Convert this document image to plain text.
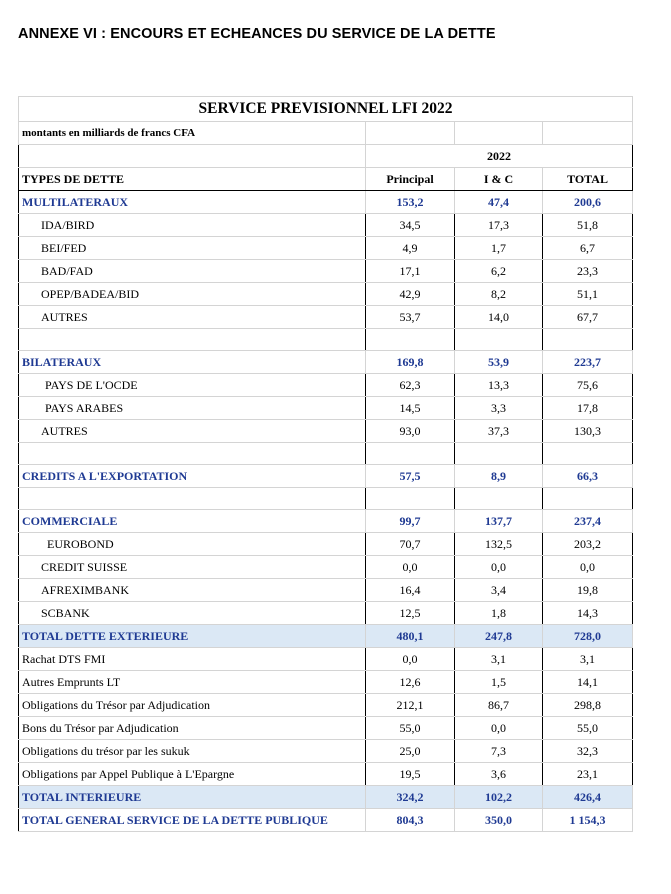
ANNEXE VI : ENCOURS ET ECHEANCES DU SERVICE DE LA DETTE
SERVICE PREVISIONNEL LFI 2022			
montants en milliards de francs CFA			
	2022		
TYPES DE DETTE	Principal	I & C	TOTAL
MULTILATERAUX	153,2	47,4	200,6
IDA/BIRD	34,5	17,3	51,8
BEI/FED	4,9	1,7	6,7
BAD/FAD	17,1	6,2	23,3
OPEP/BADEA/BID	42,9	8,2	51,1
AUTRES	53,7	14,0	67,7

BILATERAUX	169,8	53,9	223,7
PAYS DE L'OCDE	62,3	13,3	75,6
PAYS ARABES	14,5	3,3	17,8
AUTRES	93,0	37,3	130,3

CREDITS A L'EXPORTATION	57,5	8,9	66,3

COMMERCIALE	99,7	137,7	237,4
EUROBOND	70,7	132,5	203,2
CREDIT SUISSE	0,0	0,0	0,0
AFREXIMBANK	16,4	3,4	19,8
SCBANK	12,5	1,8	14,3
TOTAL DETTE EXTERIEURE	480,1	247,8	728,0
Rachat DTS FMI	0,0	3,1	3,1
Autres Emprunts LT	12,6	1,5	14,1
Obligations du Trésor par Adjudication	212,1	86,7	298,8
Bons du Trésor par Adjudication	55,0	0,0	55,0
Obligations du trésor par les sukuk	25,0	7,3	32,3
Obligations par Appel Publique à L'Epargne	19,5	3,6	23,1
TOTAL INTERIEURE	324,2	102,2	426,4
TOTAL GENERAL SERVICE DE LA DETTE PUBLIQUE	804,3	350,0	1 154,3
